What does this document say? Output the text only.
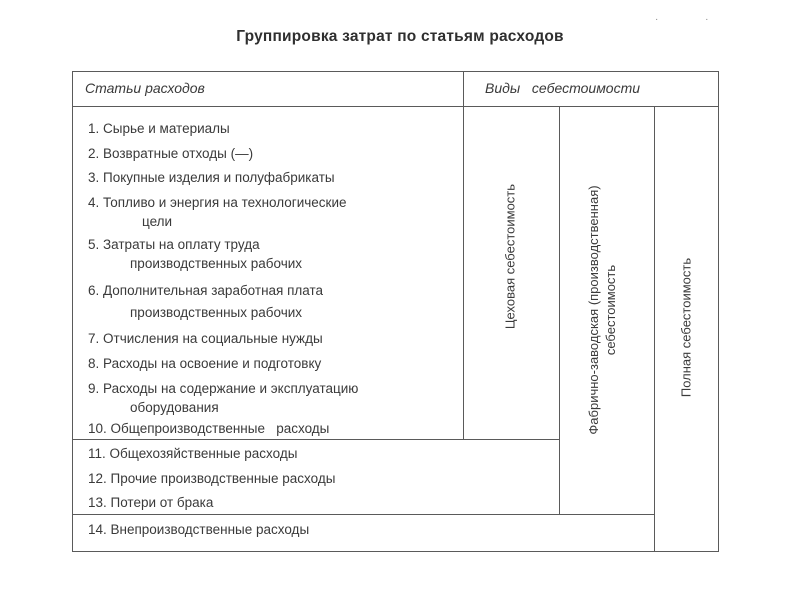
Группировка затрат по статьям расходов
· ·
Статьи расходов	Виды   себестоимости
1. Сырье и материалы
2. Возвратные отходы (—)
3. Покупные изделия и полуфабрикаты
4. Топливо и энергия на технологические
цели
5. Затраты на оплату труда
производственных рабочих
6. Дополнительная заработная плата
производственных рабочих
7. Отчисления на социальные нужды
8. Расходы на освоение и подготовку
9. Расходы на содержание и эксплуатацию
оборудования
10. Общепроизводственные   расходы
11. Общехозяйственные расходы
12. Прочие производственные расходы
13. Потери от брака
14. Внепроизводственные расходы
Цеховая себестоимость	Фабрично-заводская (производственная) себестоимость	Полная себестоимость
